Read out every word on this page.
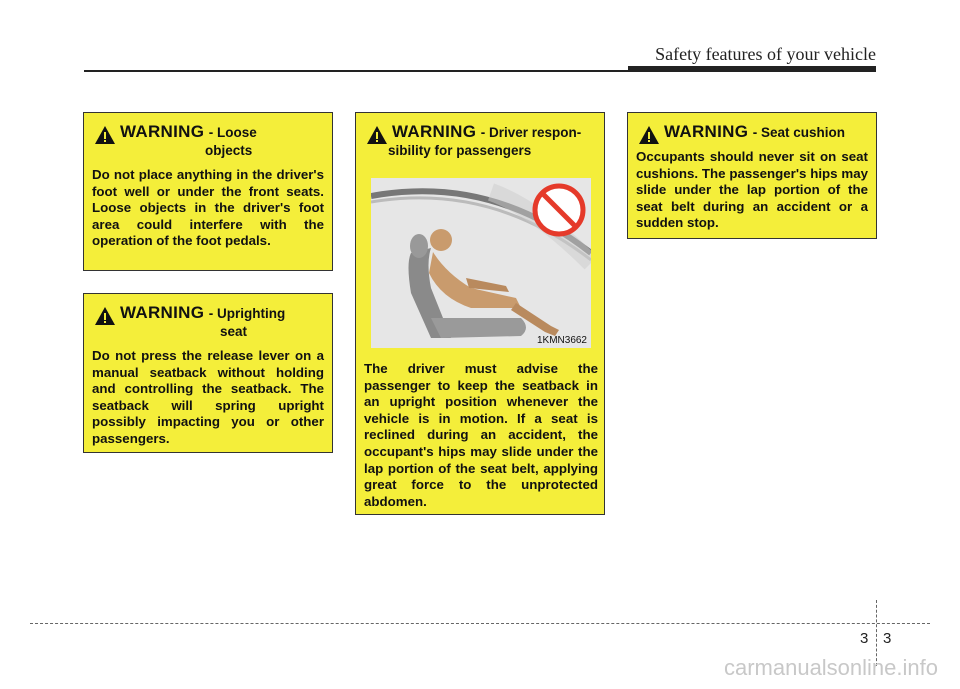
Safety features of your vehicle
WARNING - Loose
objects
Do not place anything in the driver's foot well or under the front seats. Loose objects in the driver's foot area could interfere with the operation of the foot pedals.
WARNING - Uprighting
seat
Do not press the release lever on a manual seatback without holding and controlling the seatback. The seatback will spring upright possibly impacting you or other passengers.
WARNING - Driver respon-
sibility for passengers
1KMN3662
The driver must advise the passenger to keep the seatback in an upright position whenever the vehicle is in motion. If a seat is reclined during an accident, the occupant's hips may slide under the lap portion of the seat belt, applying great force to the unprotected abdomen.
WARNING - Seat cushion
Occupants should never sit on seat cushions. The passenger's hips may slide under the lap portion of the seat belt during an accident or a sudden stop.
3 3
carmanualsonline.info
